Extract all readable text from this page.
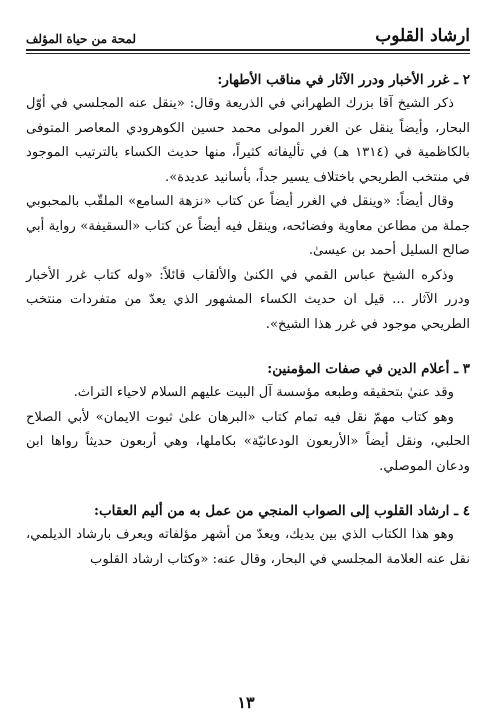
ارشاد القلوب
لمحة من حياة المؤلف

٢ ـ غرر الأخبار ودرر الآثار في مناقب الأطهار:

ذكر الشيخ آقا بزرك الطهراني في الذريعة وقال: «ينقل عنه المجلسي في أوّل البحار، وأيضاً ينقل عن الغرر المولى محمد حسين الكوهرودي المعاصر المتوفى بالكاظمية في (١٣١٤ هـ) في تأليفاته كثيراً، منها حديث الكساء بالترتيب الموجود في منتخب الطريحي باختلاف يسير جداً، بأسانيد عديدة».

وقال أيضاً: «وينقل في الغرر أيضاً عن كتاب «نزهة السامع» الملقّب بالمحبوبي جملة من مطاعن معاوية وفضائحه، وينقل فيه أيضاً عن كتاب «السقيفة» رواية أبي صالح السليل أحمد بن عيسىٰ.

وذكره الشيخ عباس القمي في الكنىٰ والألقاب قائلاً: «وله كتاب غرر الأخبار ودرر الآثار ... قيل ان حديث الكساء المشهور الذي يعدّ من متفردات منتخب الطريحي موجود في غرر هذا الشيخ».

٣ ـ أعلام الدين في صفات المؤمنين:

وقد عنيٰ بتحقيقه وطبعه مؤسسة آل البيت عليهم السلام لاحياء التراث.

وهو كتاب مهمّ نقل فيه تمام كتاب «البرهان علىٰ ثبوت الايمان» لأبي الصلاح الحلبي، ونقل أيضاً «الأربعون الودعانيّة» بكاملها، وهي أربعون حديثاً رواها ابن ودعان الموصلي.

٤ ـ ارشاد القلوب إلى الصواب المنجي من عمل به من أليم العقاب:

وهو هذا الكتاب الذي بين يديك، ويعدّ من أشهر مؤلفاته ويعرف بارشاد الديلمي، نقل عنه العلامة المجلسي في البحار، وقال عنه: «وكتاب ارشاد القلوب

١٣
